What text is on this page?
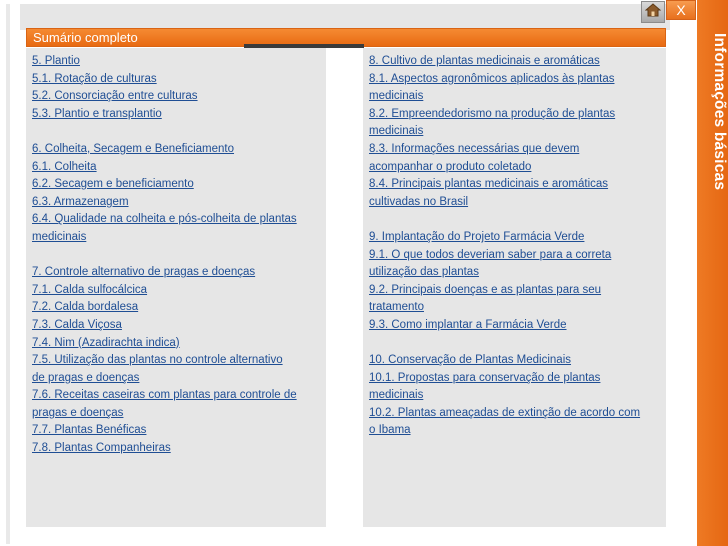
Sumário completo
5. Plantio
5.1. Rotação de culturas
5.2. Consorciação entre culturas
5.3. Plantio e transplantio
6. Colheita, Secagem e Beneficiamento
6.1. Colheita
6.2. Secagem e beneficiamento
6.3. Armazenagem
6.4. Qualidade na colheita e pós-colheita de plantas
medicinais
7. Controle alternativo de pragas e doenças
7.1. Calda sulfocálcica
7.2. Calda bordalesa
7.3. Calda Viçosa
7.4. Nim (Azadirachta indica)
7.5. Utilização das plantas no controle alternativo
de pragas e doenças
7.6. Receitas caseiras com plantas para controle de
pragas e doenças
7.7. Plantas Benéficas
7.8. Plantas Companheiras
8. Cultivo de plantas medicinais e aromáticas
8.1. Aspectos agronômicos aplicados às plantas
medicinais
8.2. Empreendedorismo na produção de plantas
medicinais
8.3. Informações necessárias que devem
acompanhar o produto coletado
8.4. Principais plantas medicinais e aromáticas
cultivadas no Brasil
9. Implantação do Projeto Farmácia Verde
9.1. O que todos deveriam saber para a correta
utilização das plantas
9.2. Principais doenças e as plantas para seu
tratamento
9.3. Como implantar a Farmácia Verde
10. Conservação de Plantas Medicinais
10.1. Propostas para conservação de plantas
medicinais
10.2. Plantas ameaçadas de extinção de acordo com
o Ibama
X
Informações básicas
